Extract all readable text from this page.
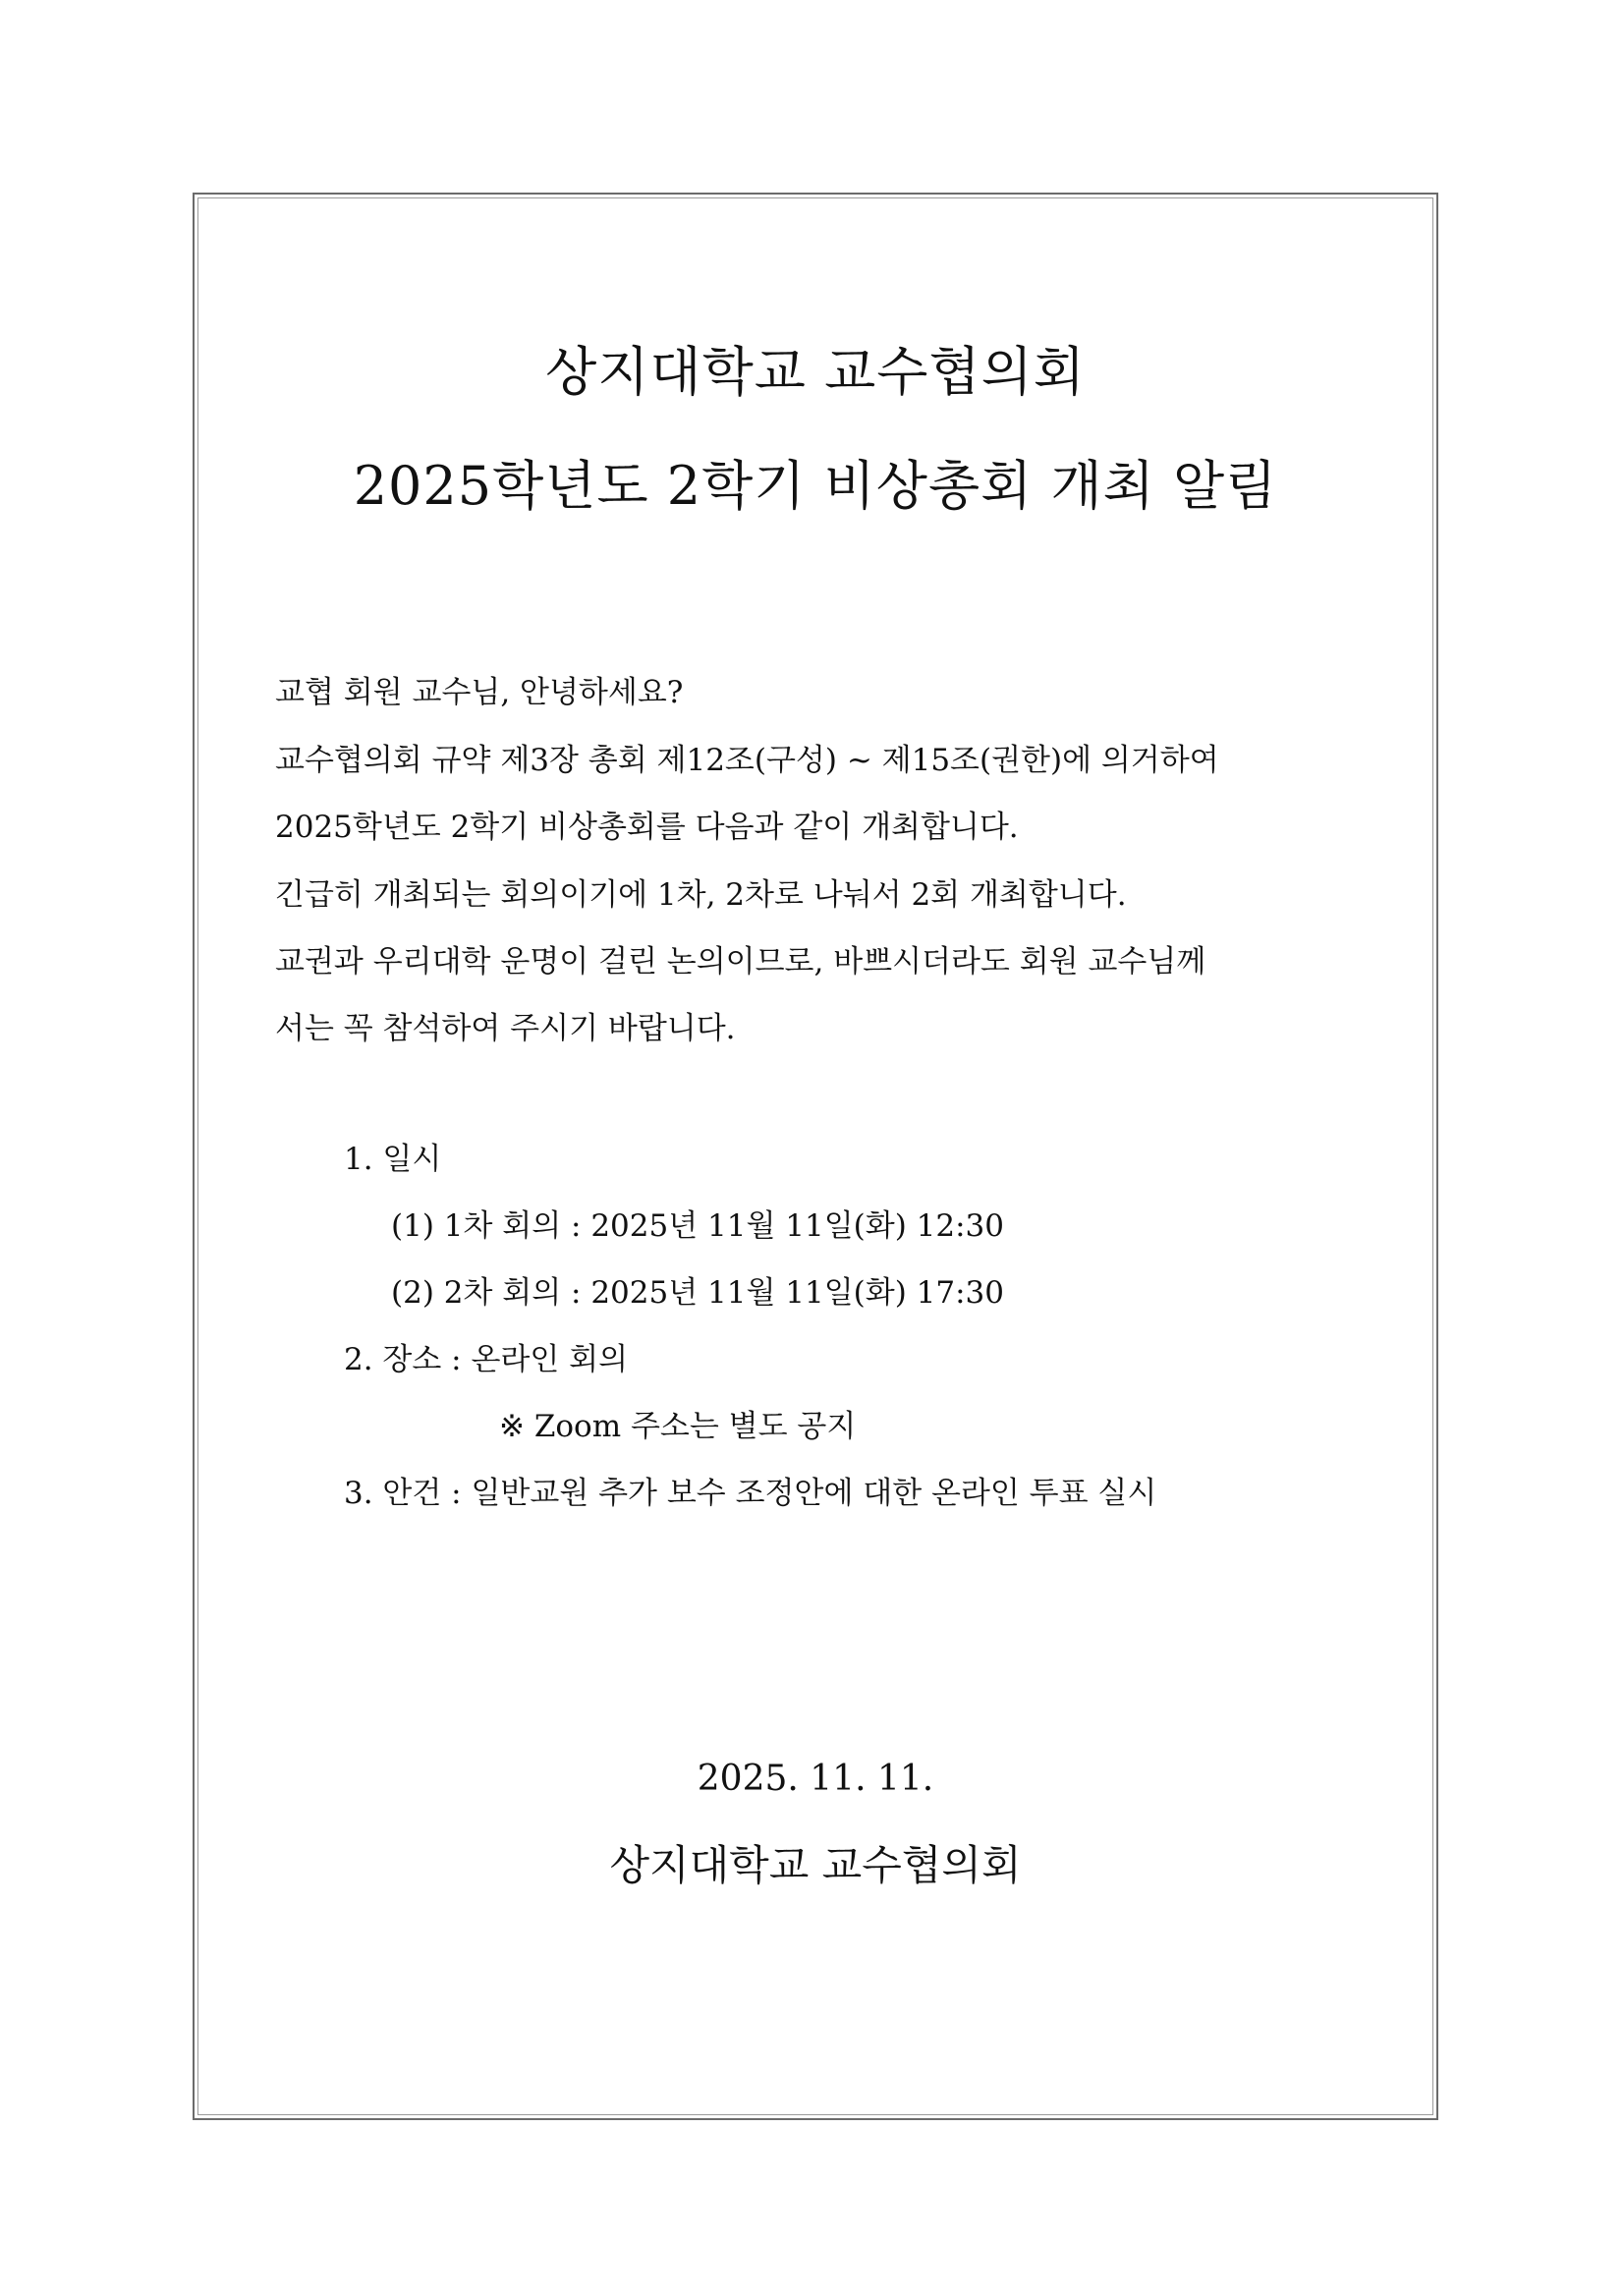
상지대학교 교수협의회
2025학년도 2학기 비상총회 개최 알림
교협 회원 교수님, 안녕하세요?
교수협의회 규약 제3장 총회 제12조(구성) ~ 제15조(권한)에 의거하여
2025학년도 2학기 비상총회를 다음과 같이 개최합니다.
긴급히 개최되는 회의이기에 1차, 2차로 나눠서 2회 개최합니다.
교권과 우리대학 운명이 걸린 논의이므로, 바쁘시더라도 회원 교수님께
서는 꼭 참석하여 주시기 바랍니다.
1. 일시
(1) 1차 회의 : 2025년 11월 11일(화) 12:30
(2) 2차 회의 : 2025년 11월 11일(화) 17:30
2. 장소 : 온라인 회의
※ Zoom 주소는 별도 공지
3. 안건 : 일반교원 추가 보수 조정안에 대한 온라인 투표 실시
2025. 11. 11.
상지대학교 교수협의회
